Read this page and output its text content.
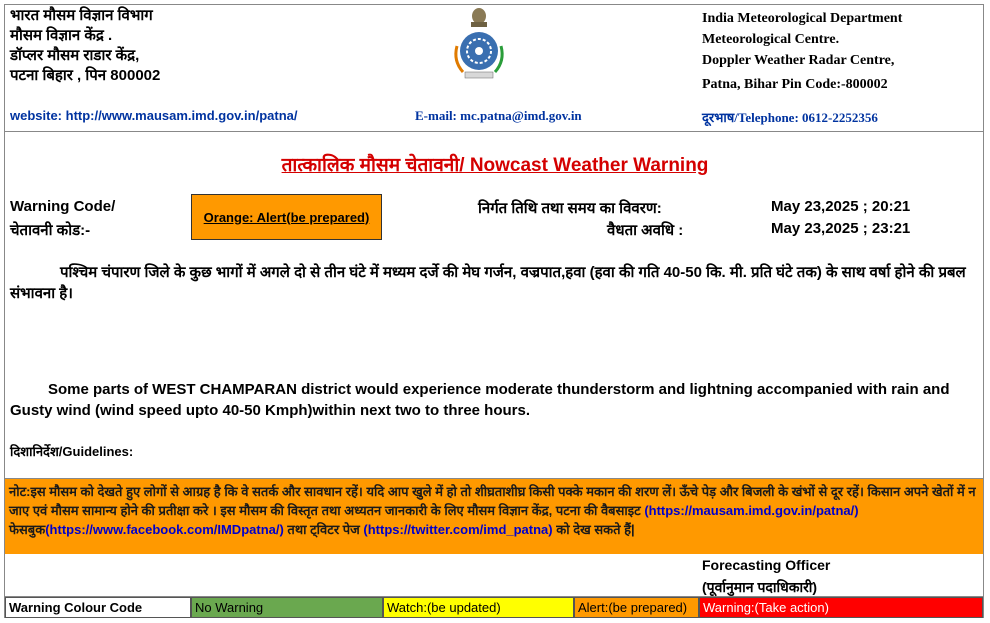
भारत मौसम विज्ञान विभाग
मौसम विज्ञान केंद्र .
डॉप्लर मौसम राडार केंद्र,
पटना बिहार , पिन 800002
India Meteorological Department
Meteorological Centre.
Doppler Weather Radar Centre,
Patna, Bihar Pin Code:-800002
website: http://www.mausam.imd.gov.in/patna/	E-mail: mc.patna@imd.gov.in	दूरभाष/Telephone: 0612-2252356
तात्कालिक मौसम चेतावनी/ Nowcast Weather Warning
Warning Code/
चेतावनी कोड:-
Orange: Alert(be prepared)	निर्गत तिथि तथा समय का विवरण:	May 23,2025 ; 20:21
वैधता अवधि :	May 23,2025 ; 23:21
पश्चिम चंपारण जिले के कुछ भागों में अगले दो से तीन घंटे में मध्यम दर्जे की मेघ गर्जन, वज्रपात,हवा (हवा की गति 40-50 कि. मी. प्रति घंटे तक) के साथ वर्षा होने की प्रबल संभावना है।
Some parts of WEST CHAMPARAN district would experience moderate thunderstorm and lightning accompanied with rain and Gusty wind (wind speed upto 40-50 Kmph)within next two to three hours.
दिशानिर्देश/Guidelines:
नोट:इस मौसम को देखते हुए लोगों से आग्रह है कि वे सतर्क और सावधान रहें। यदि आप खुले में हो तो शीघ्रताशीघ्र किसी पक्के मकान की शरण लें। ऊँचे पेड़ और बिजली के खंभों से दूर रहें। किसान अपने खेतों में न जाए एवं मौसम सामान्य होने की प्रतीक्षा करे । इस मौसम की विस्तृत तथा अध्यतन जानकारी के लिए मौसम विज्ञान केंद्र, पटना की वैबसाइट (https://mausam.imd.gov.in/patna/) फेसबुक(https://www.facebook.com/IMDpatna/) तथा ट्विटर पेज (https://twitter.com/imd_patna) को देख सकते हैं|
Forecasting Officer
(पूर्वानुमान पदाधिकारी)
Warning Colour Code	No Warning	Watch:(be updated)	Alert:(be prepared)	Warning:(Take action)
